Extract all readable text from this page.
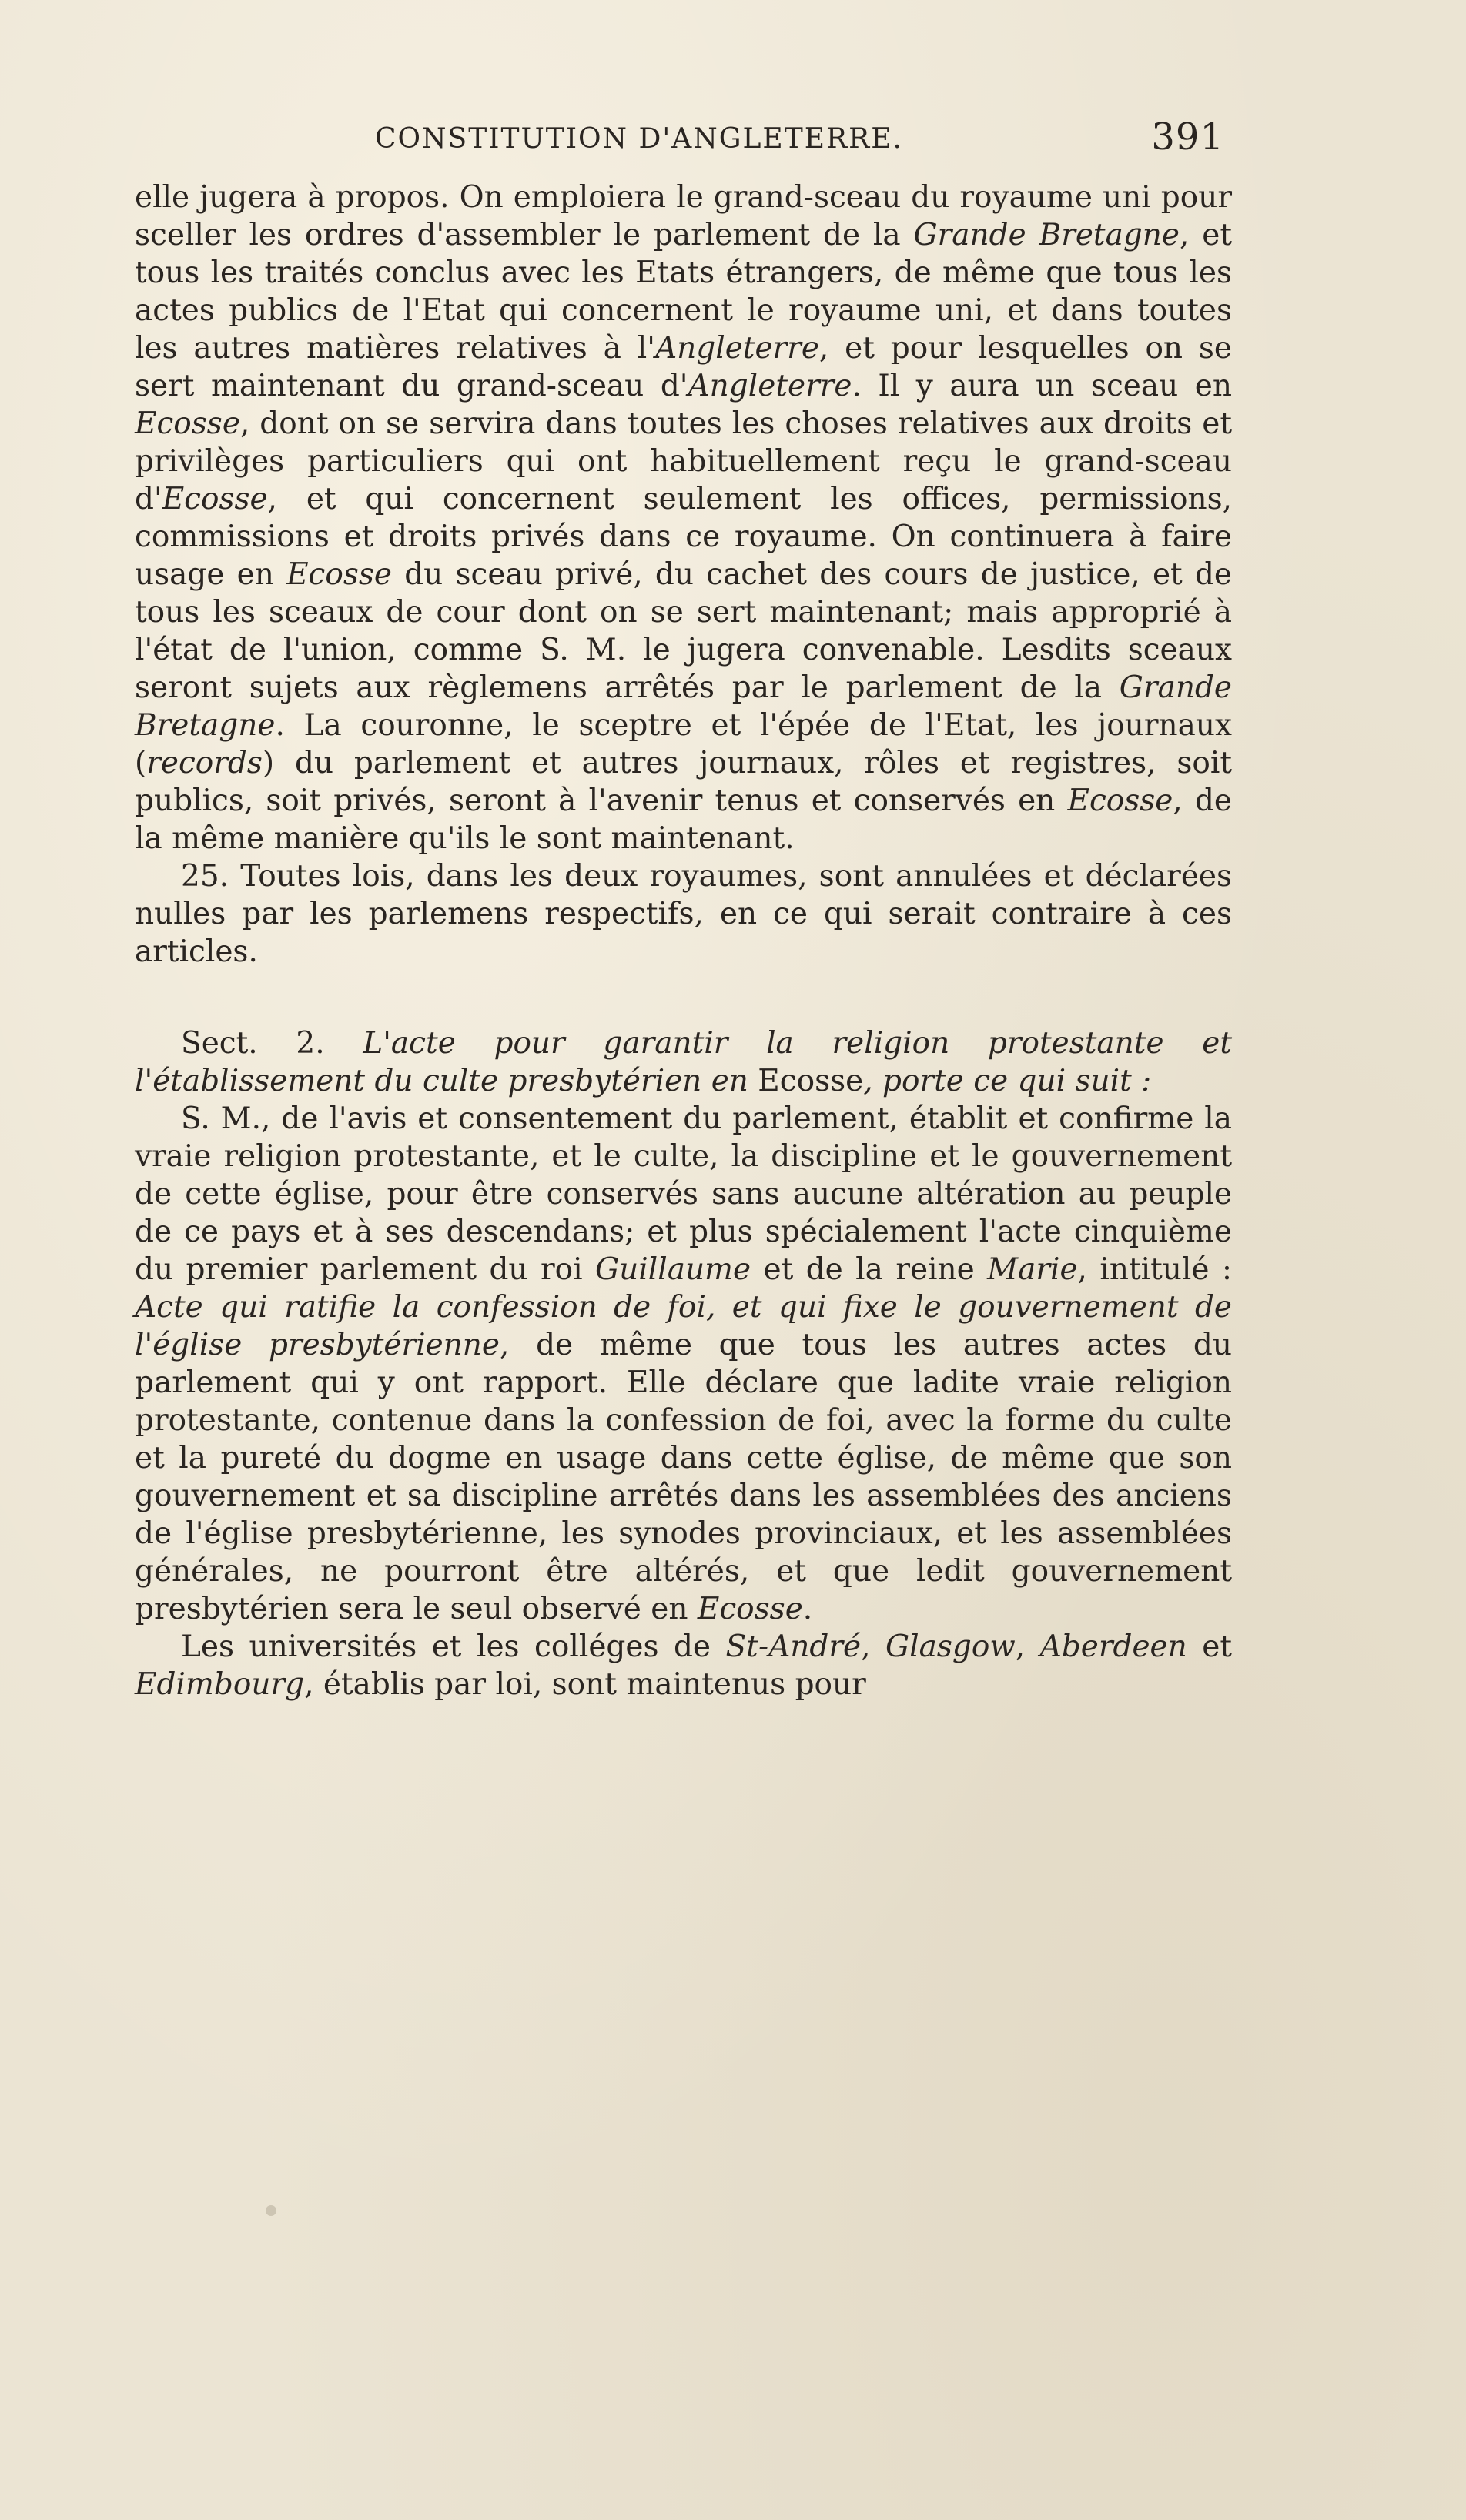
CONSTITUTION D'ANGLETERRE.	391

elle jugera à propos. On emploiera le grand-sceau du royaume uni pour sceller les ordres d'assembler le parlement de la Grande Bretagne, et tous les traités conclus avec les Etats étrangers, de même que tous les actes publics de l'Etat qui concernent le royaume uni, et dans toutes les autres matières relatives à l'Angleterre, et pour lesquelles on se sert maintenant du grand-sceau d'Angleterre. Il y aura un sceau en Ecosse, dont on se servira dans toutes les choses relatives aux droits et privilèges particuliers qui ont habituellement reçu le grand-sceau d'Ecosse, et qui concernent seulement les offices, permissions, commissions et droits privés dans ce royaume. On continuera à faire usage en Ecosse du sceau privé, du cachet des cours de justice, et de tous les sceaux de cour dont on se sert maintenant; mais approprié à l'état de l'union, comme S. M. le jugera convenable. Lesdits sceaux seront sujets aux règlemens arrêtés par le parlement de la Grande Bretagne. La couronne, le sceptre et l'épée de l'Etat, les journaux (records) du parlement et autres journaux, rôles et registres, soit publics, soit privés, seront à l'avenir tenus et conservés en Ecosse, de la même manière qu'ils le sont maintenant.

25. Toutes lois, dans les deux royaumes, sont annulées et déclarées nulles par les parlemens respectifs, en ce qui serait contraire à ces articles.

Sect. 2. L'acte pour garantir la religion protestante et l'établissement du culte presbytérien en Ecosse, porte ce qui suit :

S. M., de l'avis et consentement du parlement, établit et confirme la vraie religion protestante, et le culte, la discipline et le gouvernement de cette église, pour être conservés sans aucune altération au peuple de ce pays et à ses descendans; et plus spécialement l'acte cinquième du premier parlement du roi Guillaume et de la reine Marie, intitulé : Acte qui ratifie la confession de foi, et qui fixe le gouvernement de l'église presbytérienne, de même que tous les autres actes du parlement qui y ont rapport. Elle déclare que ladite vraie religion protestante, contenue dans la confession de foi, avec la forme du culte et la pureté du dogme en usage dans cette église, de même que son gouvernement et sa discipline arrêtés dans les assemblées des anciens de l'église presbytérienne, les synodes provinciaux, et les assemblées générales, ne pourront être altérés, et que ledit gouvernement presbytérien sera le seul observé en Ecosse.

Les universités et les colléges de St-André, Glasgow, Aberdeen et Edimbourg, établis par loi, sont maintenus pour
